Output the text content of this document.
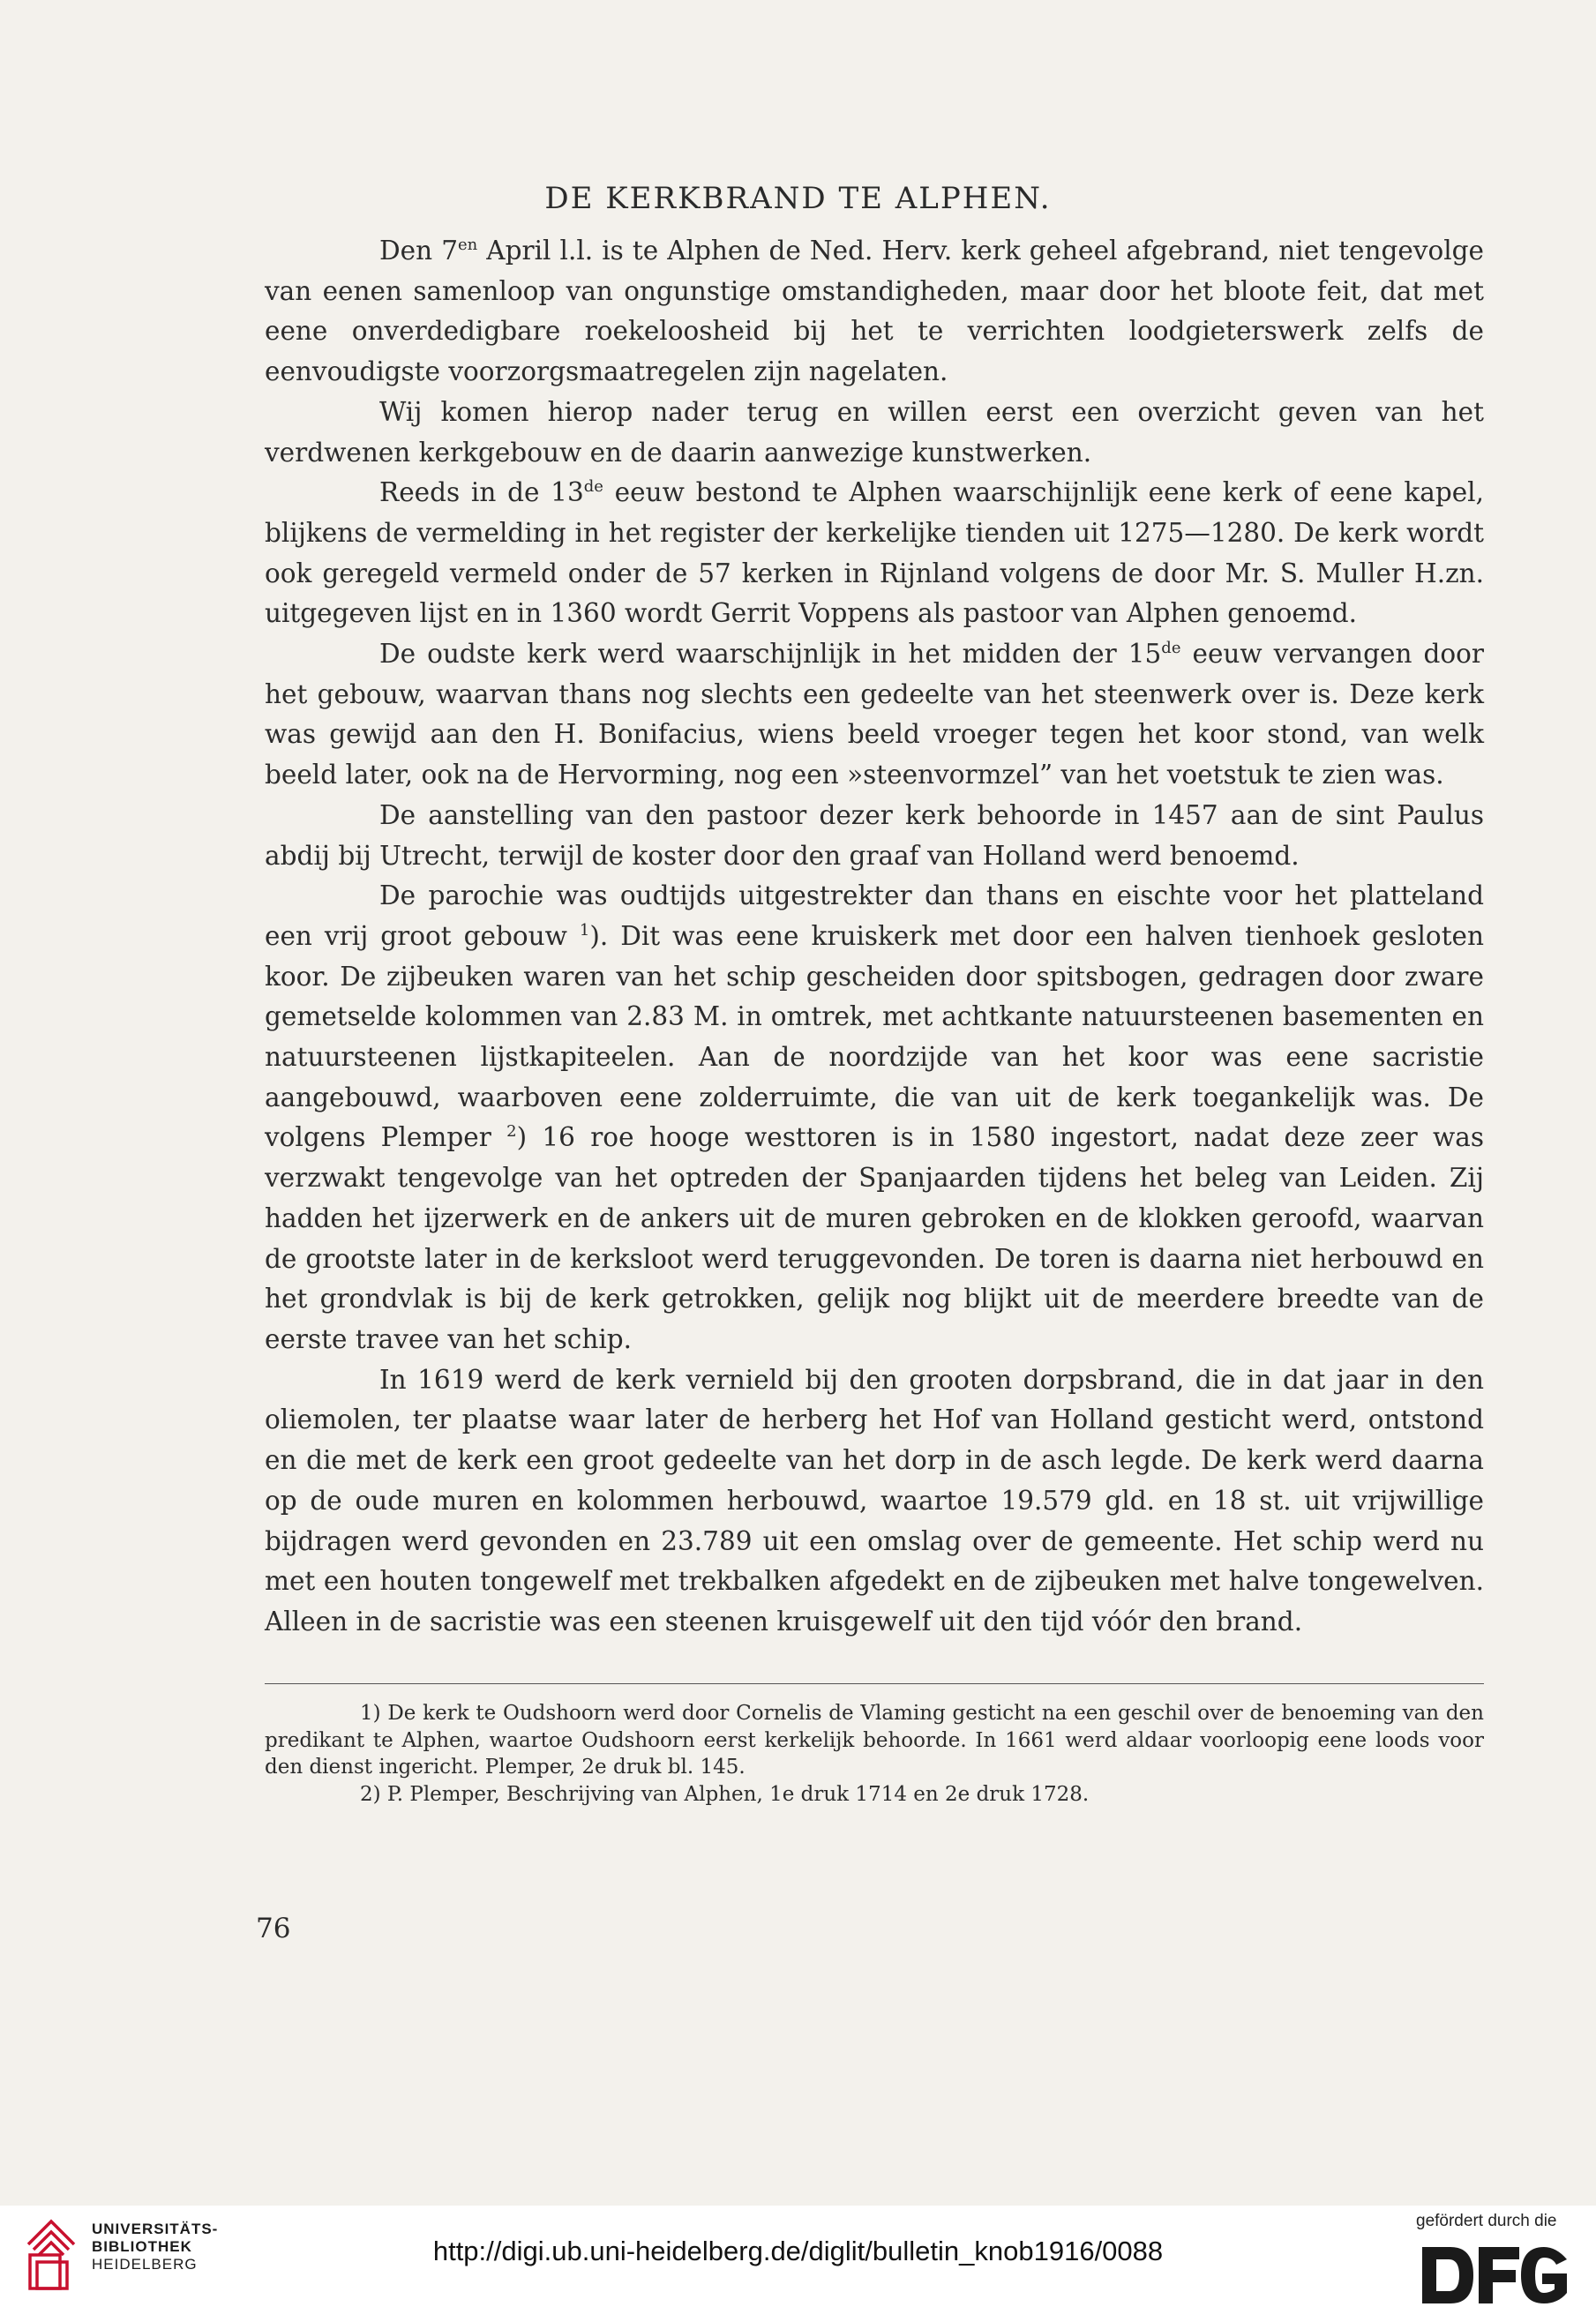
DE KERKBRAND TE ALPHEN.

Den $7^{en}$ April l.l. is te Alphen de Ned. Herv. kerk geheel afgebrand, niet tengevolge van eenen samenloop van ongunstige omstandigheden, maar door het bloote feit, dat met eene onverdedigbare roekeloosheid bij het te verrichten loodgieterswerk zelfs de eenvoudigste voorzorgsmaatregelen zijn nagelaten.

Wij komen hierop nader terug en willen eerst een overzicht geven van het verdwenen kerkgebouw en de daarin aanwezige kunstwerken.

Reeds in de 13de eeuw bestond te Alphen waarschijnlijk eene kerk of eene kapel, blijkens de vermelding in het register der kerkelijke tienden uit 1275—1280. De kerk wordt ook geregeld vermeld onder de 57 kerken in Rijnland volgens de door Mr. S. Muller H.zn. uitgegeven lijst en in 1360 wordt Gerrit Voppens als pastoor van Alphen genoemd.

De oudste kerk werd waarschijnlijk in het midden der 15de eeuw vervangen door het gebouw, waarvan thans nog slechts een gedeelte van het steenwerk over is. Deze kerk was gewijd aan den H. Bonifacius, wiens beeld vroeger tegen het koor stond, van welk beeld later, ook na de Hervorming, nog een »steenvormzel” van het voetstuk te zien was.

De aanstelling van den pastoor dezer kerk behoorde in 1457 aan de sint Paulus abdij bij Utrecht, terwijl de koster door den graaf van Holland werd benoemd.

De parochie was oudtijds uitgestrekter dan thans en eischte voor het platteland een vrij groot gebouw $^1$). Dit was eene kruiskerk met door een halven tienhoek gesloten koor. De zijbeuken waren van het schip gescheiden door spitsbogen, gedragen door zware gemetselde kolommen van 2.83 M. in omtrek, met achtkante natuursteenen basementen en natuursteenen lijstkapiteelen. Aan de noordzijde van het koor was eene sacristie aangebouwd, waarboven eene zolderruimte, die van uit de kerk toegankelijk was. De volgens Plemper $^2$) 16 roe hooge westtoren is in 1580 ingestort, nadat deze zeer was verzwakt tengevolge van het optreden der Spanjaarden tijdens het beleg van Leiden. Zij hadden het ijzerwerk en de ankers uit de muren gebroken en de klokken geroofd, waarvan de grootste later in de kerksloot werd teruggevonden. De toren is daarna niet herbouwd en het grondvlak is bij de kerk getrokken, gelijk nog blijkt uit de meerdere breedte van de eerste travee van het schip.

In 1619 werd de kerk vernield bij den grooten dorpsbrand, die in dat jaar in den oliemolen, ter plaatse waar later de herberg het Hof van Holland gesticht werd, ontstond en die met de kerk een groot gedeelte van het dorp in de asch legde. De kerk werd daarna op de oude muren en kolommen herbouwd, waartoe 19.579 gld. en 18 st. uit vrijwillige bijdragen werd gevonden en 23.789 uit een omslag over de gemeente. Het schip werd nu met een houten tongewelf met trekbalken afgedekt en de zijbeuken met halve tongewelven. Alleen in de sacristie was een steenen kruisgewelf uit den tijd vóór den brand.

1) De kerk te Oudshoorn werd door Cornelis de Vlaming gesticht na een geschil over de benoeming van den predikant te Alphen, waartoe Oudshoorn eerst kerkelijk behoorde. In 1661 werd aldaar voorloopig eene loods voor den dienst ingericht. Plemper, 2e druk bl. 145.

2) P. Plemper, Beschrijving van Alphen, 1e druk 1714 en 2e druk 1728.

76
UNIVERSITÄTS-
BIBLIOTHEK
HEIDELBERG	http://digi.ub.uni-heidelberg.de/diglit/bulletin_knob1916/0088
gefördert durch die
